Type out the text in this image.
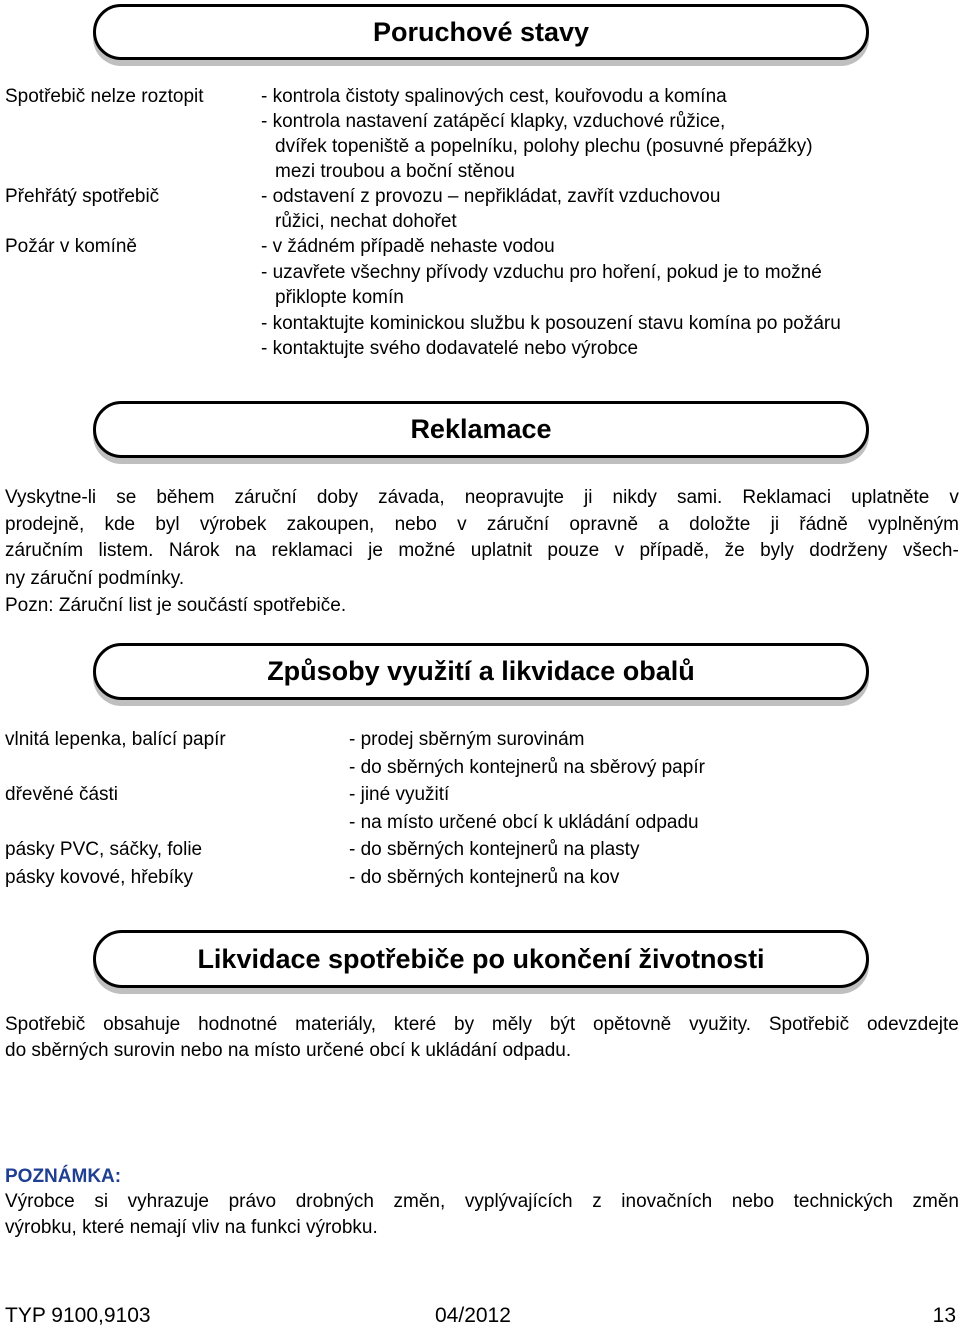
Poruchové stavy
Spotřebič nelze roztopit
Přehřátý spotřebič
Požár v komíně
- kontrola čistoty spalinových cest, kouřovodu a komína
- kontrola nastavení zatápěcí klapky, vzduchové růžice,
dvířek topeniště a popelníku, polohy plechu (posuvné přepážky)
mezi troubou a boční stěnou
- odstavení z provozu – nepřikládat, zavřít vzduchovou
růžici, nechat dohořet
- v žádném případě nehaste vodou
- uzavřete všechny přívody vzduchu pro hoření, pokud je to možné
přiklopte komín
- kontaktujte kominickou službu k posouzení stavu komína po požáru
- kontaktujte svého dodavatelé nebo výrobce
Reklamace
Vyskytne-li se během záruční doby závada, neopravujte ji nikdy sami. Reklamaci uplatněte v
prodejně, kde byl výrobek zakoupen, nebo v záruční opravně a doložte ji řádně vyplněným
záručním listem. Nárok na reklamaci je možné uplatnit pouze v případě, že byly dodrženy všech-
ny záruční podmínky.
Pozn: Záruční list je součástí spotřebiče.
Způsoby využití a likvidace obalů
vlnitá lepenka, balící papír
dřevěné části
pásky PVC, sáčky, folie
pásky kovové, hřebíky
- prodej sběrným surovinám
- do sběrných kontejnerů na sběrový papír
- jiné využití
- na místo určené obcí k ukládání odpadu
- do sběrných kontejnerů na plasty
- do sběrných kontejnerů na kov
Likvidace spotřebiče po ukončení životnosti
Spotřebič obsahuje hodnotné materiály, které by měly být opětovně využity. Spotřebič odevzdejte
do sběrných surovin nebo na místo určené obcí k ukládání odpadu.
POZNÁMKA:
Výrobce si vyhrazuje právo drobných změn, vyplývajících z inovačních nebo technických změn
výrobku, které nemají vliv na funkci výrobku.
TYP 9100,9103	04/2012	13
